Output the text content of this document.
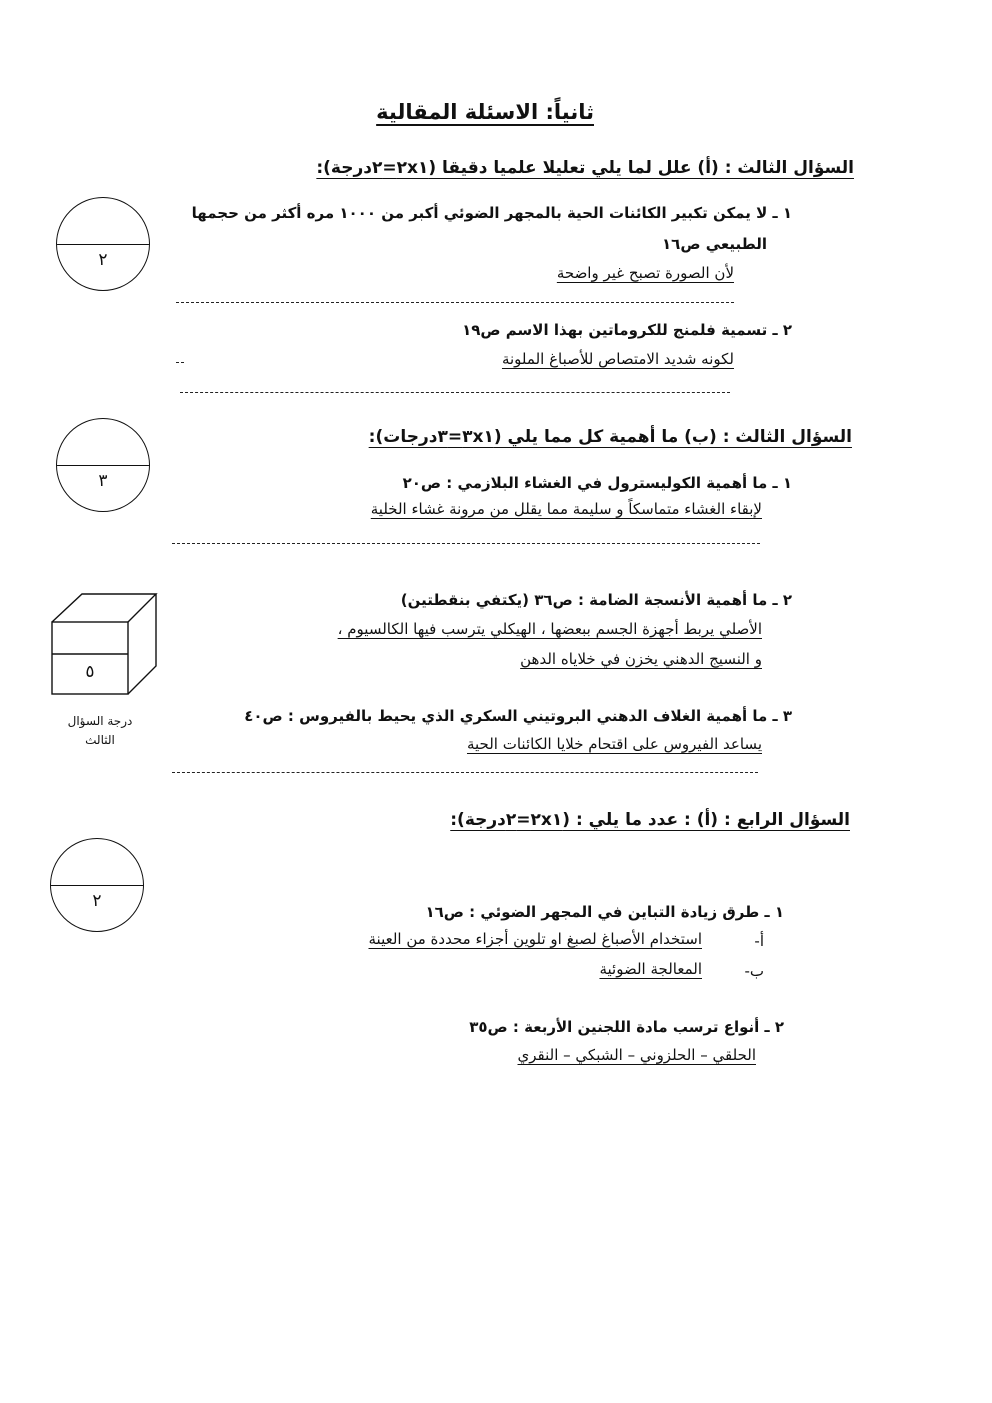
ثانياً: الاسئلة المقالية
السؤال الثالث : (أ) علل لما يلي تعليلا علميا دقيقا (٢x١=٢درجة):
٢
١ ـ لا يمكن تكبير الكائنات الحية بالمجهر الضوئي أكبر من ١٠٠٠ مره أكثر من حجمها
الطبيعي ص١٦
لأن الصورة تصبح غير واضحة
٢ ـ تسمية فلمنج للكروماتين بهذا الاسم ص١٩
لكونه شديد الامتصاص للأصباغ الملونة
السؤال الثالث : (ب) ما أهمية كل مما يلي (٣x١=٣درجات):
٣	١ ـ ما أهمية الكوليسترول في الغشاء البلازمي : ص٢٠
لإبقاء الغشاء متماسكاً و سليمة مما يقلل من مرونة غشاء الخلية
٢ ـ ما أهمية الأنسجة الضامة : ص٣٦ (يكتفي بنقطتين)
الأصلي يربط أجهزة الجسم ببعضها ، الهيكلي يترسب فيها الكالسيوم ،
و النسيج الدهني يخزن في خلاياه الدهن
٣ ـ ما أهمية الغلاف الدهني البروتيني السكري الذي يحيط بالفيروس : ص٤٠
يساعد الفيروس على اقتحام خلايا الكائنات الحية
٥
درجة السؤال
الثالث
السؤال الرابع : (أ) : عدد ما يلي : (٢x١=٢درجة):
٢
١ ـ طرق زيادة التباين في المجهر الضوئي : ص١٦
أ-
استخدام الأصباغ لصبغ او تلوين أجزاء محددة من العينة
ب-
المعالجة الضوئية
٢ ـ أنواع ترسب مادة اللجنين الأربعة : ص٣٥
الحلقي – الحلزوني – الشبكي – النقري
